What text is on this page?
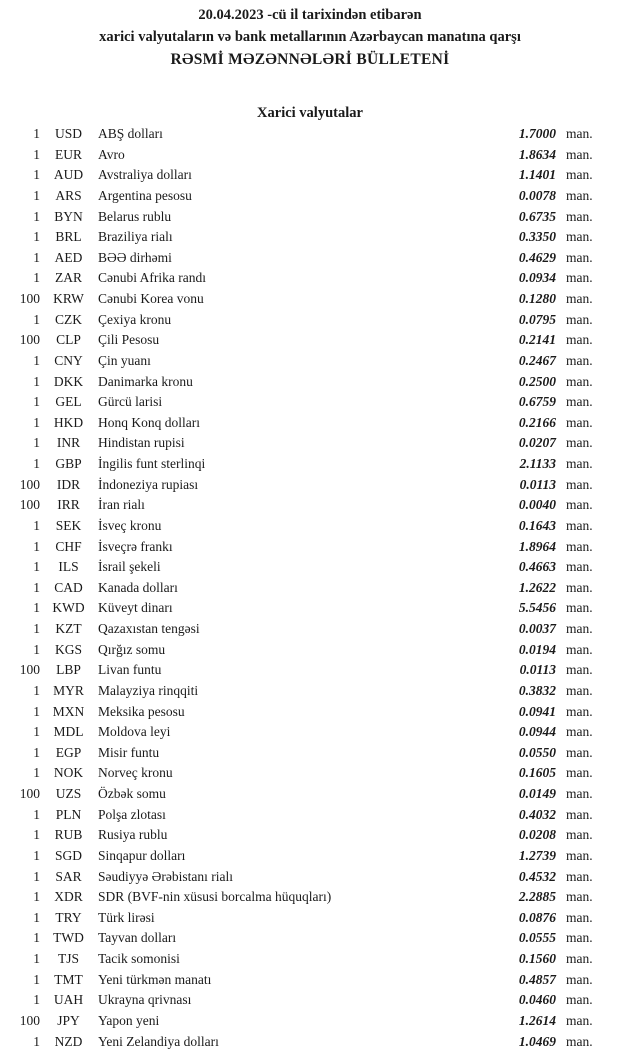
20.04.2023 -cü il tarixindən etibarən
xarici valyutaların və bank metallarının Azərbaycan manatına qarşı
RƏSMİ MƏZƏNNƏLƏRİ BÜLLETENİ
Xarici valyutalar
1	USD	ABŞ dolları	1.7000 man.
1	EUR	Avro	1.8634 man.
1	AUD	Avstraliya dolları	1.1401 man.
1	ARS	Argentina pesosu	0.0078 man.
1	BYN	Belarus rublu	0.6735 man.
1	BRL	Braziliya rialı	0.3350 man.
1	AED	BƏƏ dirhəmi	0.4629 man.
1	ZAR	Cənubi Afrika randı	0.0934 man.
100 KRW	Cənubi Korea vonu	0.1280 man.
1	CZK	Çexiya kronu	0.0795 man.
100	CLP	Çili Pesosu	0.2141 man.
1	CNY	Çin yuanı	0.2467 man.
1	DKK	Danimarka kronu	0.2500 man.
1	GEL	Gürcü larisi	0.6759 man.
1	HKD	Honq Konq dolları	0.2166 man.
1	INR	Hindistan rupisi	0.0207 man.
1	GBP	İngilis funt sterlinqi	2.1133 man.
100	IDR	İndoneziya rupiası	0.0113 man.
100	IRR	İran rialı	0.0040 man.
1	SEK	İsveç kronu	0.1643 man.
1	CHF	İsveçrə frankı	1.8964 man.
1	ILS	İsrail şekeli	0.4663 man.
1	CAD	Kanada dolları	1.2622 man.
1 KWD Küveyt dinarı	5.5456 man.
1	KZT	Qazaxıstan tengəsi	0.0037 man.
1	KGS	Qırğız somu	0.0194 man.
100	LBP	Livan funtu	0.0113 man.
1 MYR	Malayziya rinqqiti	0.3832 man.
1 MXN	Meksika pesosu	0.0941 man.
1	MDL	Moldova leyi	0.0944 man.
1	EGP	Misir funtu	0.0550 man.
1	NOK	Norveç kronu	0.1605 man.
100	UZS	Özbək somu	0.0149 man.
1	PLN	Polşa zlotası	0.4032 man.
1	RUB	Rusiya rublu	0.0208 man.
1	SGD	Sinqapur dolları	1.2739 man.
1	SAR	Səudiyyə Ərəbistanı rialı	0.4532 man.
1	XDR	SDR (BVF-nin xüsusi borcalma hüquqları)	2.2885 man.
1	TRY	Türk lirəsi	0.0876 man.
1 TWD	Tayvan dolları	0.0555 man.
1	TJS	Tacik somonisi	0.1560 man.
1	TMT	Yeni türkmən manatı	0.4857 man.
1	UAH	Ukrayna qrivnası	0.0460 man.
100	JPY	Yapon yeni	1.2614 man.
1	NZD	Yeni Zelandiya dolları	1.0469 man.
